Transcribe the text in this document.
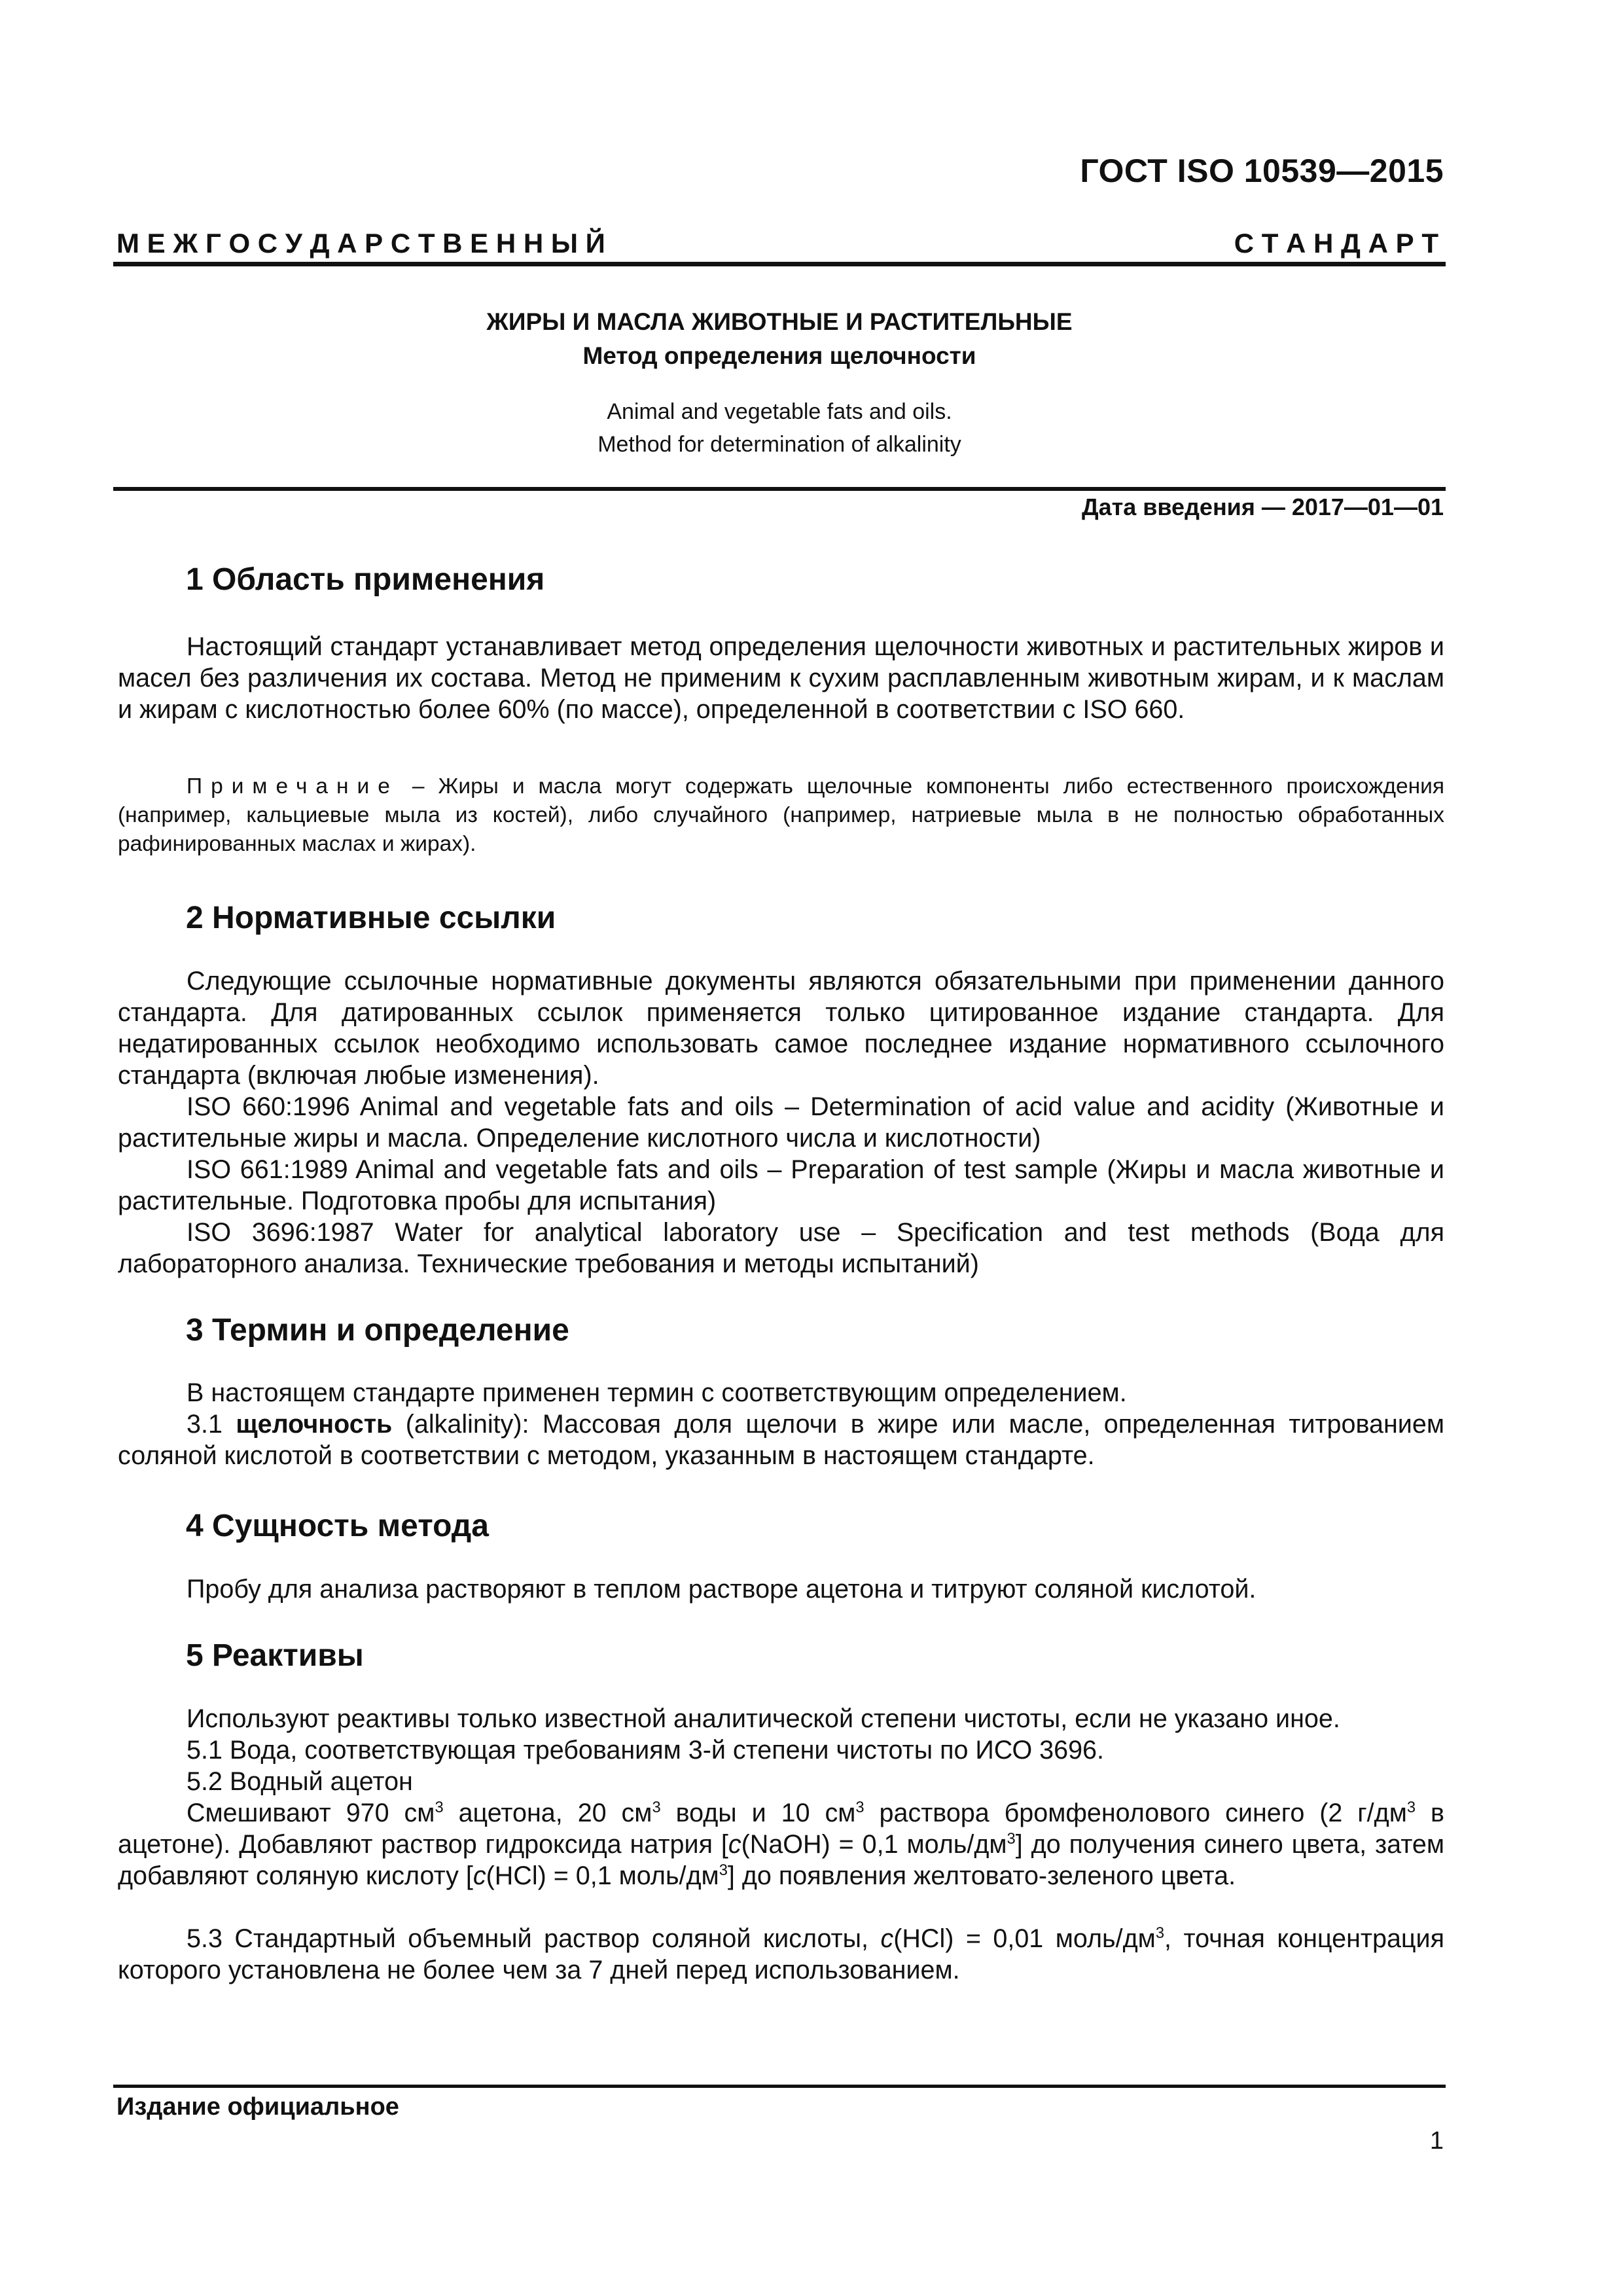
ГОСТ ISO 10539—2015
М Е Ж Г О С У Д А Р С Т В Е Н Н Ы Й	С Т А Н Д А Р Т
ЖИРЫ И МАСЛА ЖИВОТНЫЕ И РАСТИТЕЛЬНЫЕ
Метод определения щелочности
Animal and vegetable fats and oils.
Method for determination of alkalinity
Дата введения — 2017—01—01
1 Область применения

Настоящий стандарт устанавливает метод определения щелочности животных и растительных жиров и масел без различения их состава. Метод не применим к сухим расплавленным животным жирам, и к маслам и жирам с кислотностью более 60% (по массе), определенной в соответствии с ISO 660.

Примечание – Жиры и масла могут содержать щелочные компоненты либо естественного происхождения (например, кальциевые мыла из костей), либо случайного (например, натриевые мыла в не полностью обработанных рафинированных маслах и жирах).

2 Нормативные ссылки

Следующие ссылочные нормативные документы являются обязательными при применении данного стандарта. Для датированных ссылок применяется только цитированное издание стандарта. Для недатированных ссылок необходимо использовать самое последнее издание нормативного ссылочного стандарта (включая любые изменения).

ISO 660:1996 Animal and vegetable fats and oils – Determination of acid value and acidity (Животные и растительные жиры и масла. Определение кислотного числа и кислотности)

ISO 661:1989 Animal and vegetable fats and oils – Preparation of test sample (Жиры и масла животные и растительные. Подготовка пробы для испытания)

ISO 3696:1987 Water for analytical laboratory use – Specification and test methods (Вода для лабораторного анализа. Технические требования и методы испытаний)

3 Термин и определение

В настоящем стандарте применен термин с соответствующим определением.

3.1 щелочность (alkalinity): Массовая доля щелочи в жире или масле, определенная титрованием соляной кислотой в соответствии с методом, указанным в настоящем стандарте.

4 Сущность метода

Пробу для анализа растворяют в теплом растворе ацетона и титруют соляной кислотой.

5 Реактивы

Используют реактивы только известной аналитической степени чистоты, если не указано иное.

5.1 Вода, соответствующая требованиям 3-й степени чистоты по ИСО 3696.

5.2 Водный ацетон

Смешивают 970 $см^3$ ацетона, 20 $см^3$ воды и 10 $см^3$ раствора бромфенолового синего (2 $г/дм^3$ в ацетоне). Добавляют раствор гидроксида натрия [c(NaOH) = 0,1 моль/$дм^3$] до получения синего цвета, затем добавляют соляную кислоту [c(HCl) = 0,1 моль/$дм^3$] до появления желтовато-зеленого цвета.

5.3 Стандартный объемный раствор соляной кислоты, c(HCl) = 0,01 моль/$дм^3$, точная концентрация которого установлена не более чем за 7 дней перед использованием.

Издание официальное
1
